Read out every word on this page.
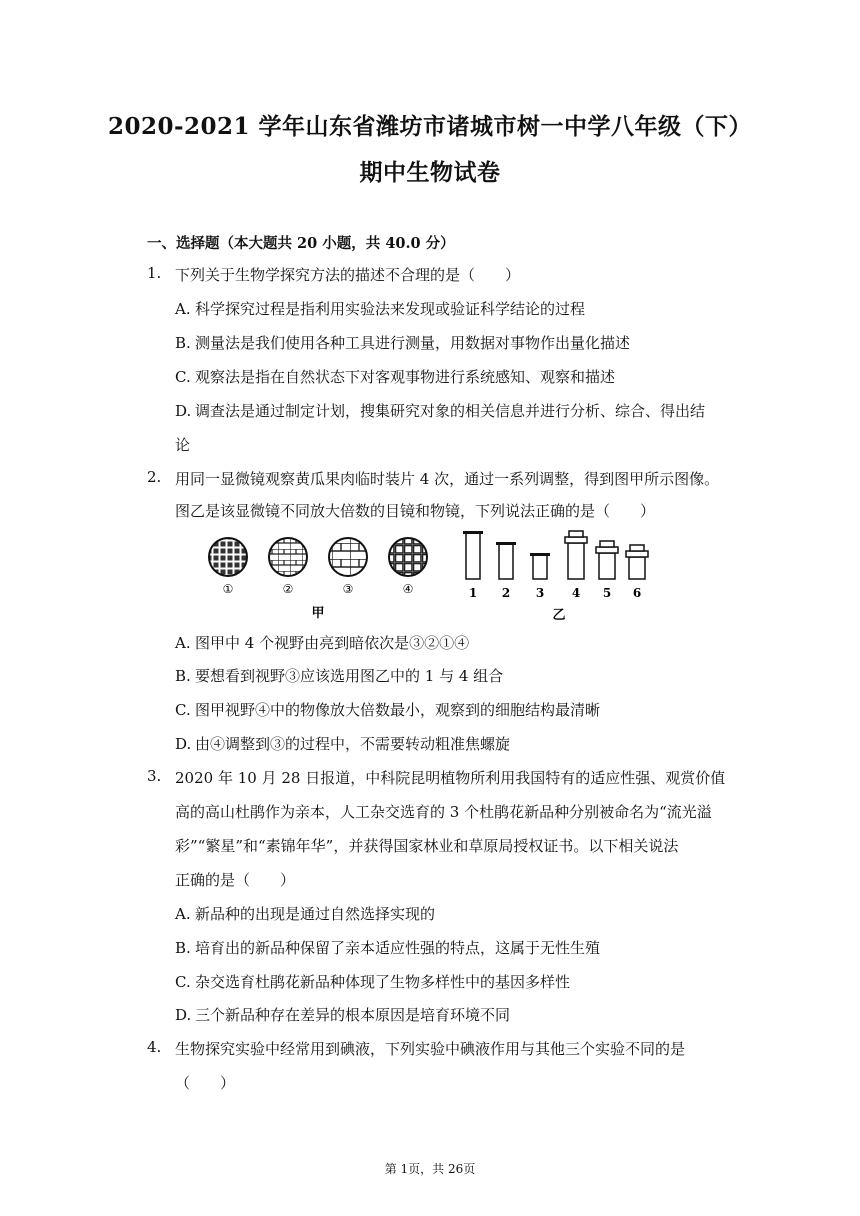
2020-2021 学年山东省潍坊市诸城市树一中学八年级（下）
期中生物试卷
一、选择题（本大题共 20 小题，共 40.0 分）
1. 下列关于生物学探究方法的描述不合理的是（　　）
A. 科学探究过程是指利用实验法来发现或验证科学结论的过程
B. 测量法是我们使用各种工具进行测量，用数据对事物作出量化描述
C. 观察法是指在自然状态下对客观事物进行系统感知、观察和描述
D. 调查法是通过制定计划，搜集研究对象的相关信息并进行分析、综合、得出结
论
2. 用同一显微镜观察黄瓜果肉临时装片 4 次，通过一系列调整，得到图甲所示图像。
图乙是该显微镜不同放大倍数的目镜和物镜，下列说法正确的是（　　）
①	②	③	④
甲
1 2 3 4 5 6
乙
A. 图甲中 4 个视野由亮到暗依次是③②①④
B. 要想看到视野③应该选用图乙中的 1 与 4 组合
C. 图甲视野④中的物像放大倍数最小，观察到的细胞结构最清晰
D. 由④调整到③的过程中，不需要转动粗准焦螺旋
3. 2020 年 10 月 28 日报道，中科院昆明植物所利用我国特有的适应性强、观赏价值
高的高山杜鹃作为亲本，人工杂交选育的 3 个杜鹃花新品种分别被命名为“流光溢
彩”“繁星”和“素锦年华”，并获得国家林业和草原局授权证书。以下相关说法
正确的是（　　）
A. 新品种的出现是通过自然选择实现的
B. 培育出的新品种保留了亲本适应性强的特点，这属于无性生殖
C. 杂交选育杜鹃花新品种体现了生物多样性中的基因多样性
D. 三个新品种存在差异的根本原因是培育环境不同
4. 生物探究实验中经常用到碘液，下列实验中碘液作用与其他三个实验不同的是
（　　）
第 1页，共 26页
